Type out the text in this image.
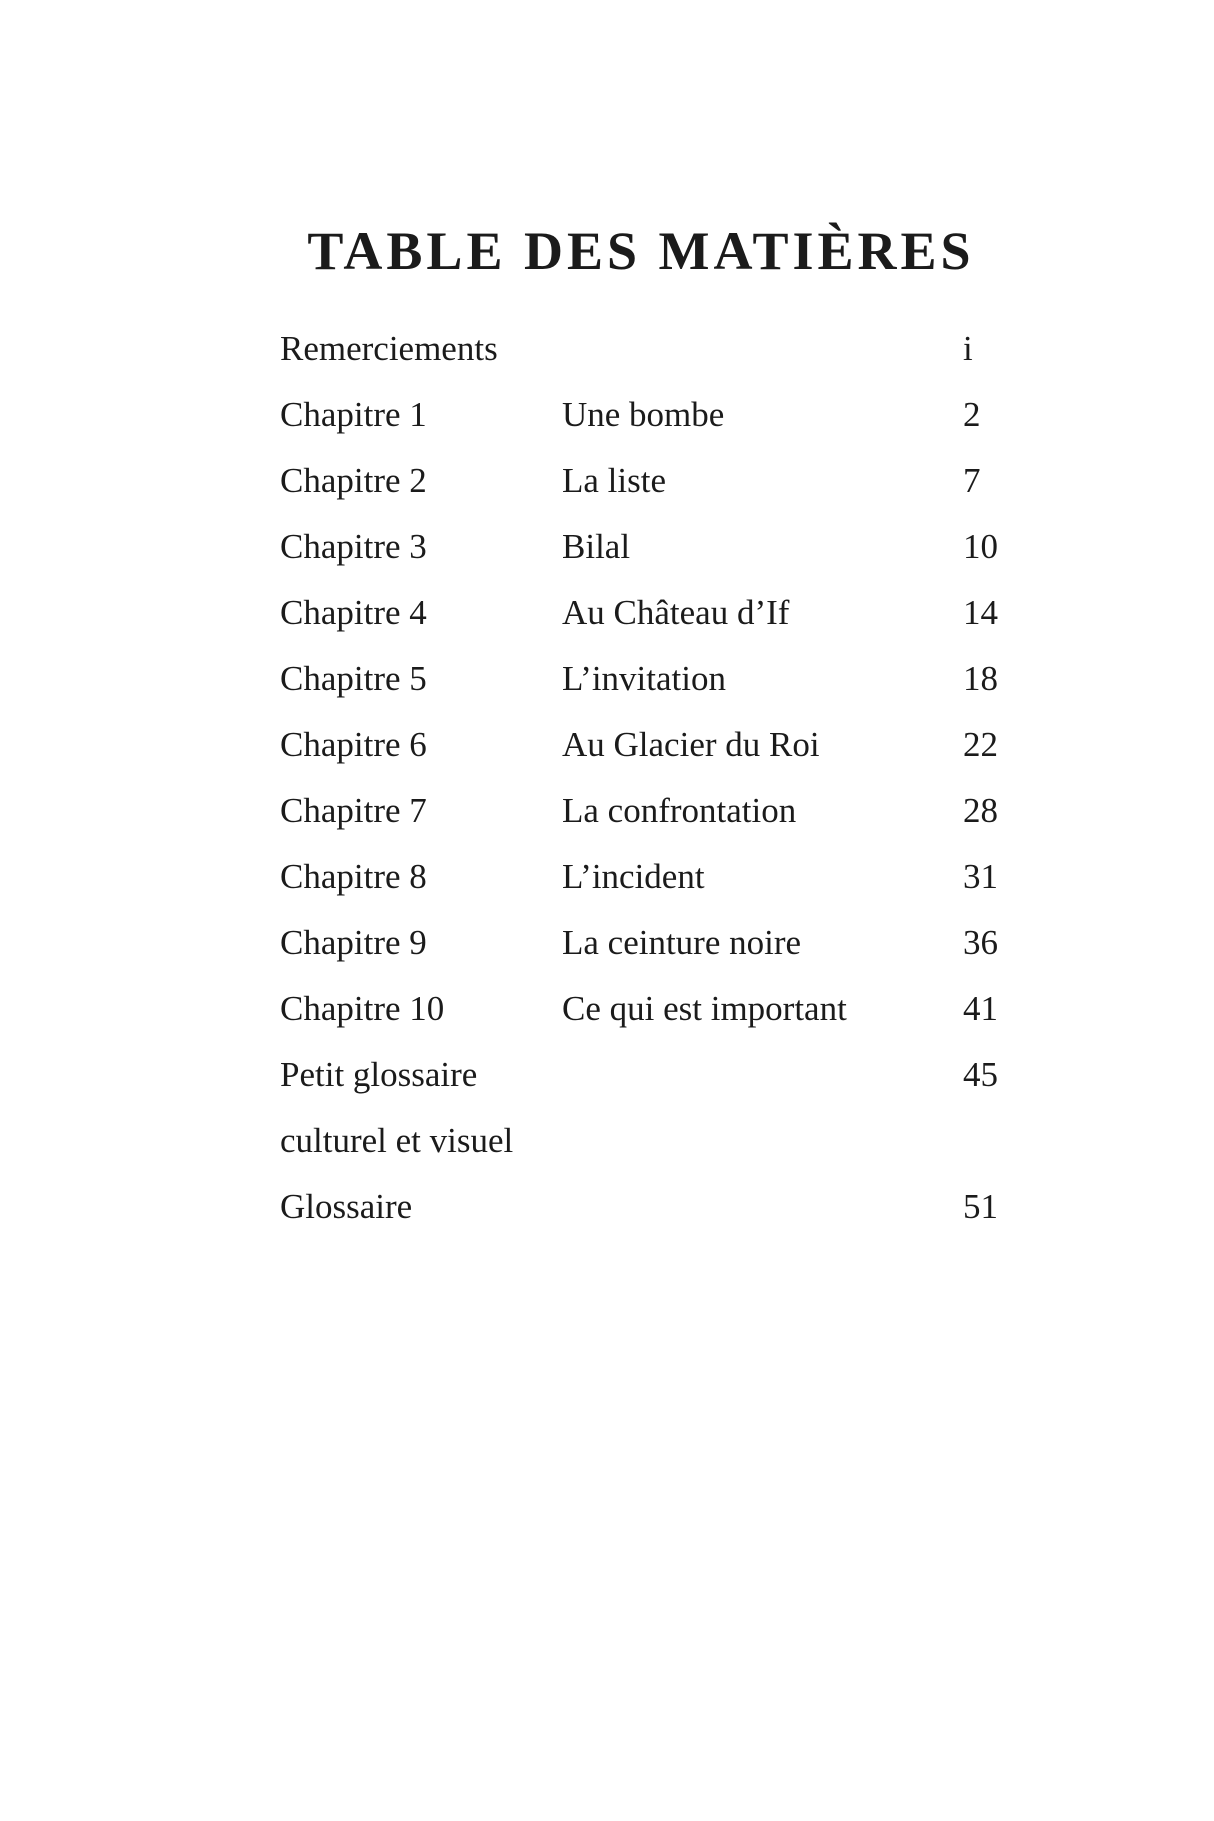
TABLE DES MATIÈRES
Remerciements	i
Chapitre 1	Une bombe	2
Chapitre 2	La liste	7
Chapitre 3	Bilal	10
Chapitre 4	Au Château d’If	14
Chapitre 5	L’invitation	18
Chapitre 6	Au Glacier du Roi	22
Chapitre 7	La confrontation	28
Chapitre 8	L’incident	31
Chapitre 9	La ceinture noire	36
Chapitre 10	Ce qui est important	41
Petit glossaire	45
culturel et visuel
Glossaire	51
